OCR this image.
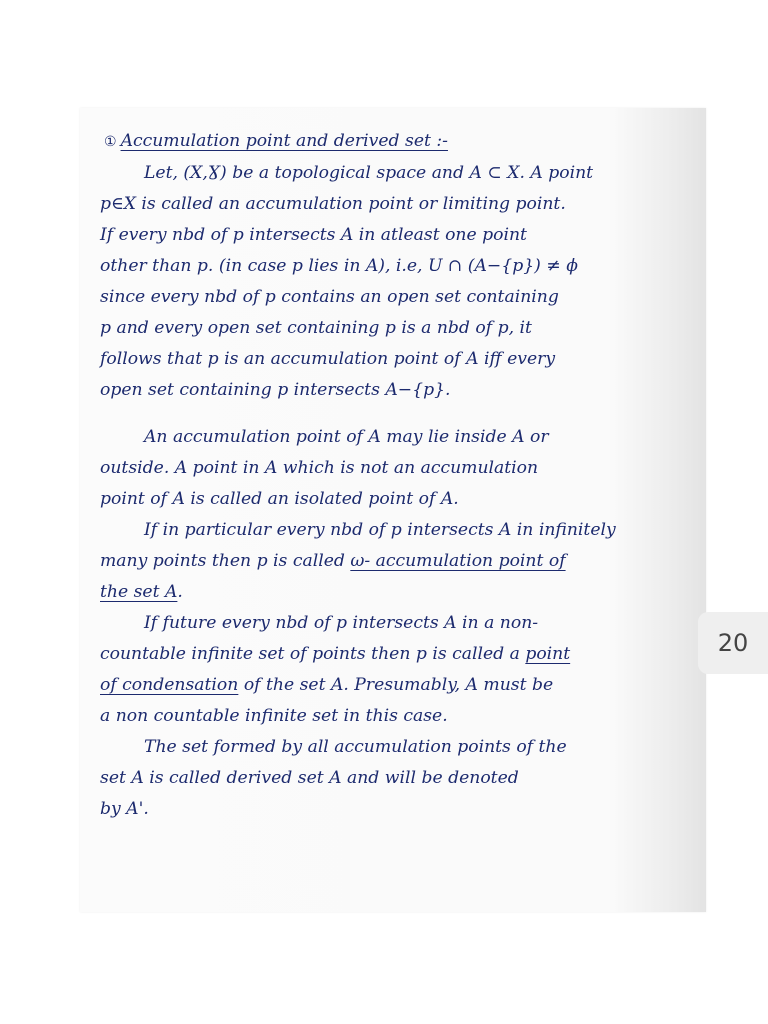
① Accumulation point and derived set :-
Let, (X,Ɣ) be a topological space and A ⊂ X. A point
p∈X is called an accumulation point or limiting point.
If every nbd of p intersects A in atleast one point
other than p. (in case p lies in A), i.e, U ∩ (A−{p}) ≠ ϕ
since every nbd of p contains an open set containing
p and every open set containing p is a nbd of p, it
follows that p is an accumulation point of A iff every
open set containing p intersects A−{p}.
An accumulation point of A may lie inside A or
outside. A point in A which is not an accumulation
point of A is called an isolated point of A.
If in particular every nbd of p intersects A in infinitely
many points then p is called ω- accumulation point of
the set A.
If future every nbd of p intersects A in a non-
countable infinite set of points then p is called a point
of condensation of the set A. Presumably, A must be
a non countable infinite set in this case.
The set formed by all accumulation points of the
set A is called derived set A and will be denoted
by A'.
20
